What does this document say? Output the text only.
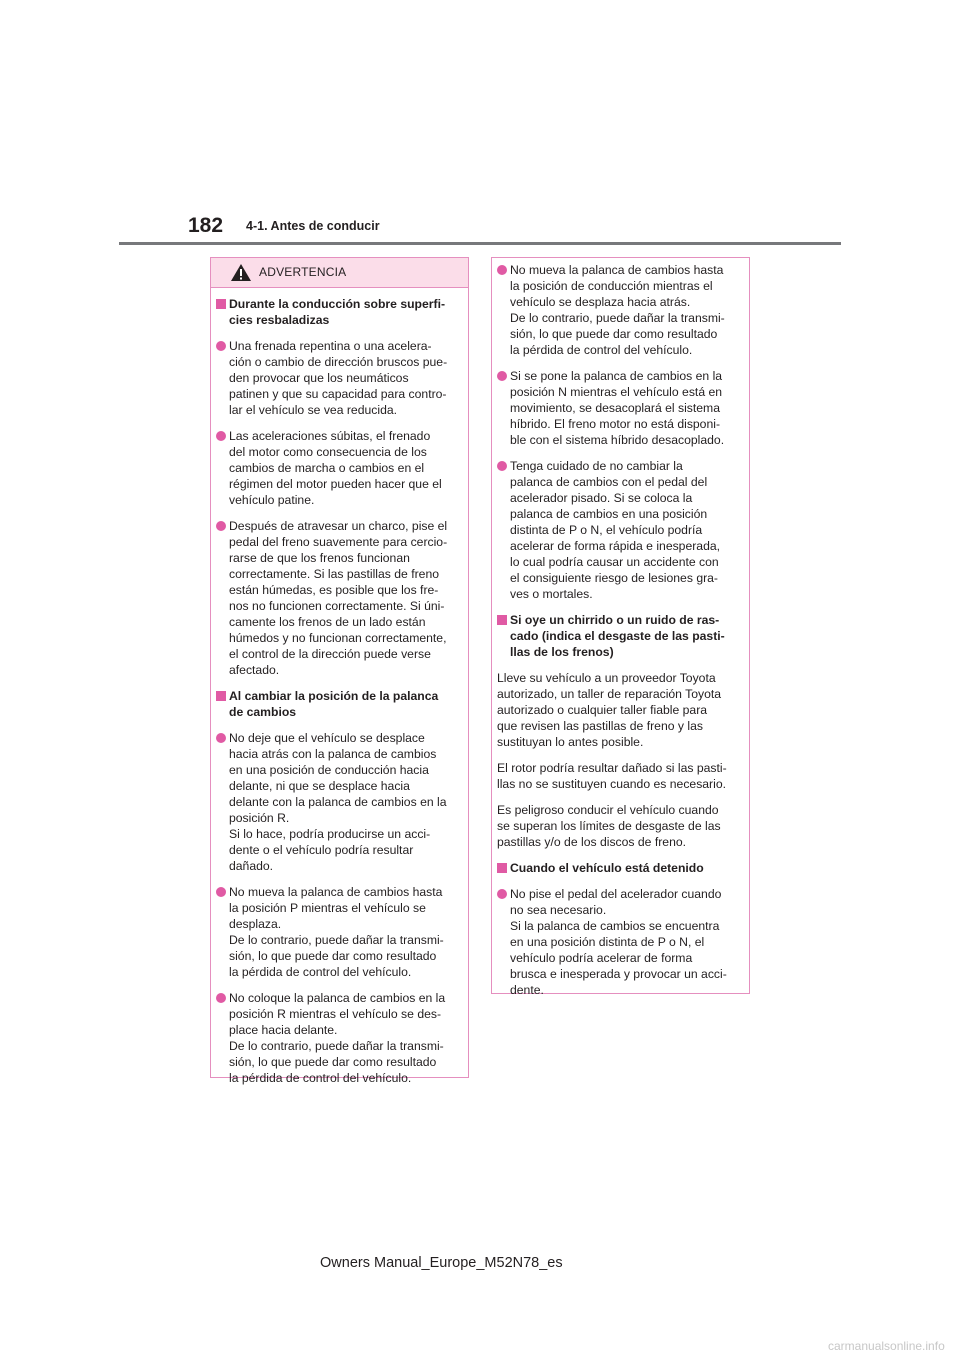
182 4-1. Antes de conducir
ADVERTENCIA
Durante la conducción sobre superfi-
cies resbaladizas
Una frenada repentina o una acelera-
ción o cambio de dirección bruscos pue-
den provocar que los neumáticos
patinen y que su capacidad para contro-
lar el vehículo se vea reducida.
Las aceleraciones súbitas, el frenado
del motor como consecuencia de los
cambios de marcha o cambios en el
régimen del motor pueden hacer que el
vehículo patine.
Después de atravesar un charco, pise el
pedal del freno suavemente para cercio-
rarse de que los frenos funcionan
correctamente. Si las pastillas de freno
están húmedas, es posible que los fre-
nos no funcionen correctamente. Si úni-
camente los frenos de un lado están
húmedos y no funcionan correctamente,
el control de la dirección puede verse
afectado.
Al cambiar la posición de la palanca
de cambios
No deje que el vehículo se desplace
hacia atrás con la palanca de cambios
en una posición de conducción hacia
delante, ni que se desplace hacia
delante con la palanca de cambios en la
posición R.
Si lo hace, podría producirse un acci-
dente o el vehículo podría resultar
dañado.
No mueva la palanca de cambios hasta
la posición P mientras el vehículo se
desplaza.
De lo contrario, puede dañar la transmi-
sión, lo que puede dar como resultado
la pérdida de control del vehículo.
No coloque la palanca de cambios en la
posición R mientras el vehículo se des-
place hacia delante.
De lo contrario, puede dañar la transmi-
sión, lo que puede dar como resultado
la pérdida de control del vehículo.
No mueva la palanca de cambios hasta
la posición de conducción mientras el
vehículo se desplaza hacia atrás.
De lo contrario, puede dañar la transmi-
sión, lo que puede dar como resultado
la pérdida de control del vehículo.
Si se pone la palanca de cambios en la
posición N mientras el vehículo está en
movimiento, se desacoplará el sistema
híbrido. El freno motor no está disponi-
ble con el sistema híbrido desacoplado.
Tenga cuidado de no cambiar la
palanca de cambios con el pedal del
acelerador pisado. Si se coloca la
palanca de cambios en una posición
distinta de P o N, el vehículo podría
acelerar de forma rápida e inesperada,
lo cual podría causar un accidente con
el consiguiente riesgo de lesiones gra-
ves o mortales.
Si oye un chirrido o un ruido de ras-
cado (indica el desgaste de las pasti-
llas de los frenos)
Lleve su vehículo a un proveedor Toyota
autorizado, un taller de reparación Toyota
autorizado o cualquier taller fiable para
que revisen las pastillas de freno y las
sustituyan lo antes posible.
El rotor podría resultar dañado si las pasti-
llas no se sustituyen cuando es necesario.
Es peligroso conducir el vehículo cuando
se superan los límites de desgaste de las
pastillas y/o de los discos de freno.
Cuando el vehículo está detenido
No pise el pedal del acelerador cuando
no sea necesario.
Si la palanca de cambios se encuentra
en una posición distinta de P o N, el
vehículo podría acelerar de forma
brusca e inesperada y provocar un acci-
dente.
Owners Manual_Europe_M52N78_es
carmanualsonline.info
